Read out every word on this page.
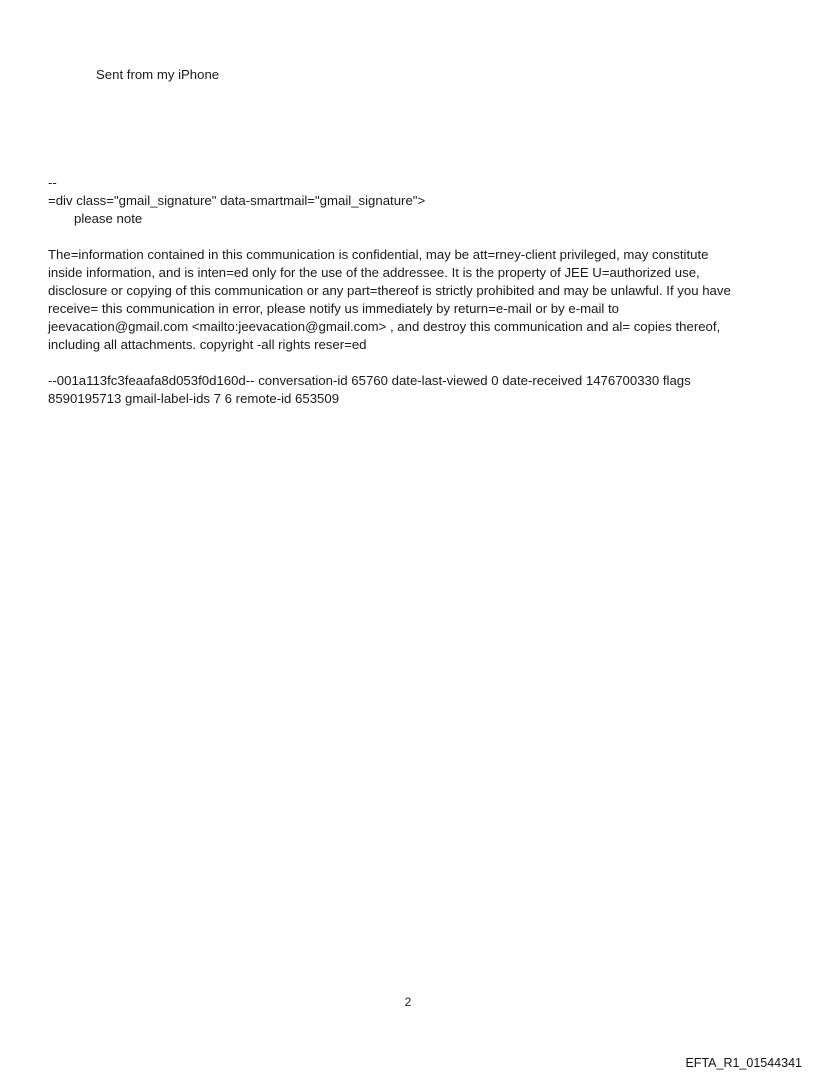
Sent from my iPhone
--
=div class="gmail_signature" data-smartmail="gmail_signature">
please note
The=information contained in this communication is confidential, may be att=rney-client privileged, may constitute
inside information, and is inten=ed only for the use of the addressee. It is the property of JEE U=authorized use,
disclosure or copying of this communication or any part=thereof is strictly prohibited and may be unlawful. If you have
receive= this communication in error, please notify us immediately by return=e-mail or by e-mail to
jeevacation@gmail.com <mailto:jeevacation@gmail.com> , and destroy this communication and al= copies thereof,
including all attachments. copyright -all rights reser=ed
--001a113fc3feaafa8d053f0d160d-- conversation-id 65760 date-last-viewed 0 date-received 1476700330 flags
8590195713 gmail-label-ids 7 6 remote-id 653509
2
EFTA_R1_01544341
